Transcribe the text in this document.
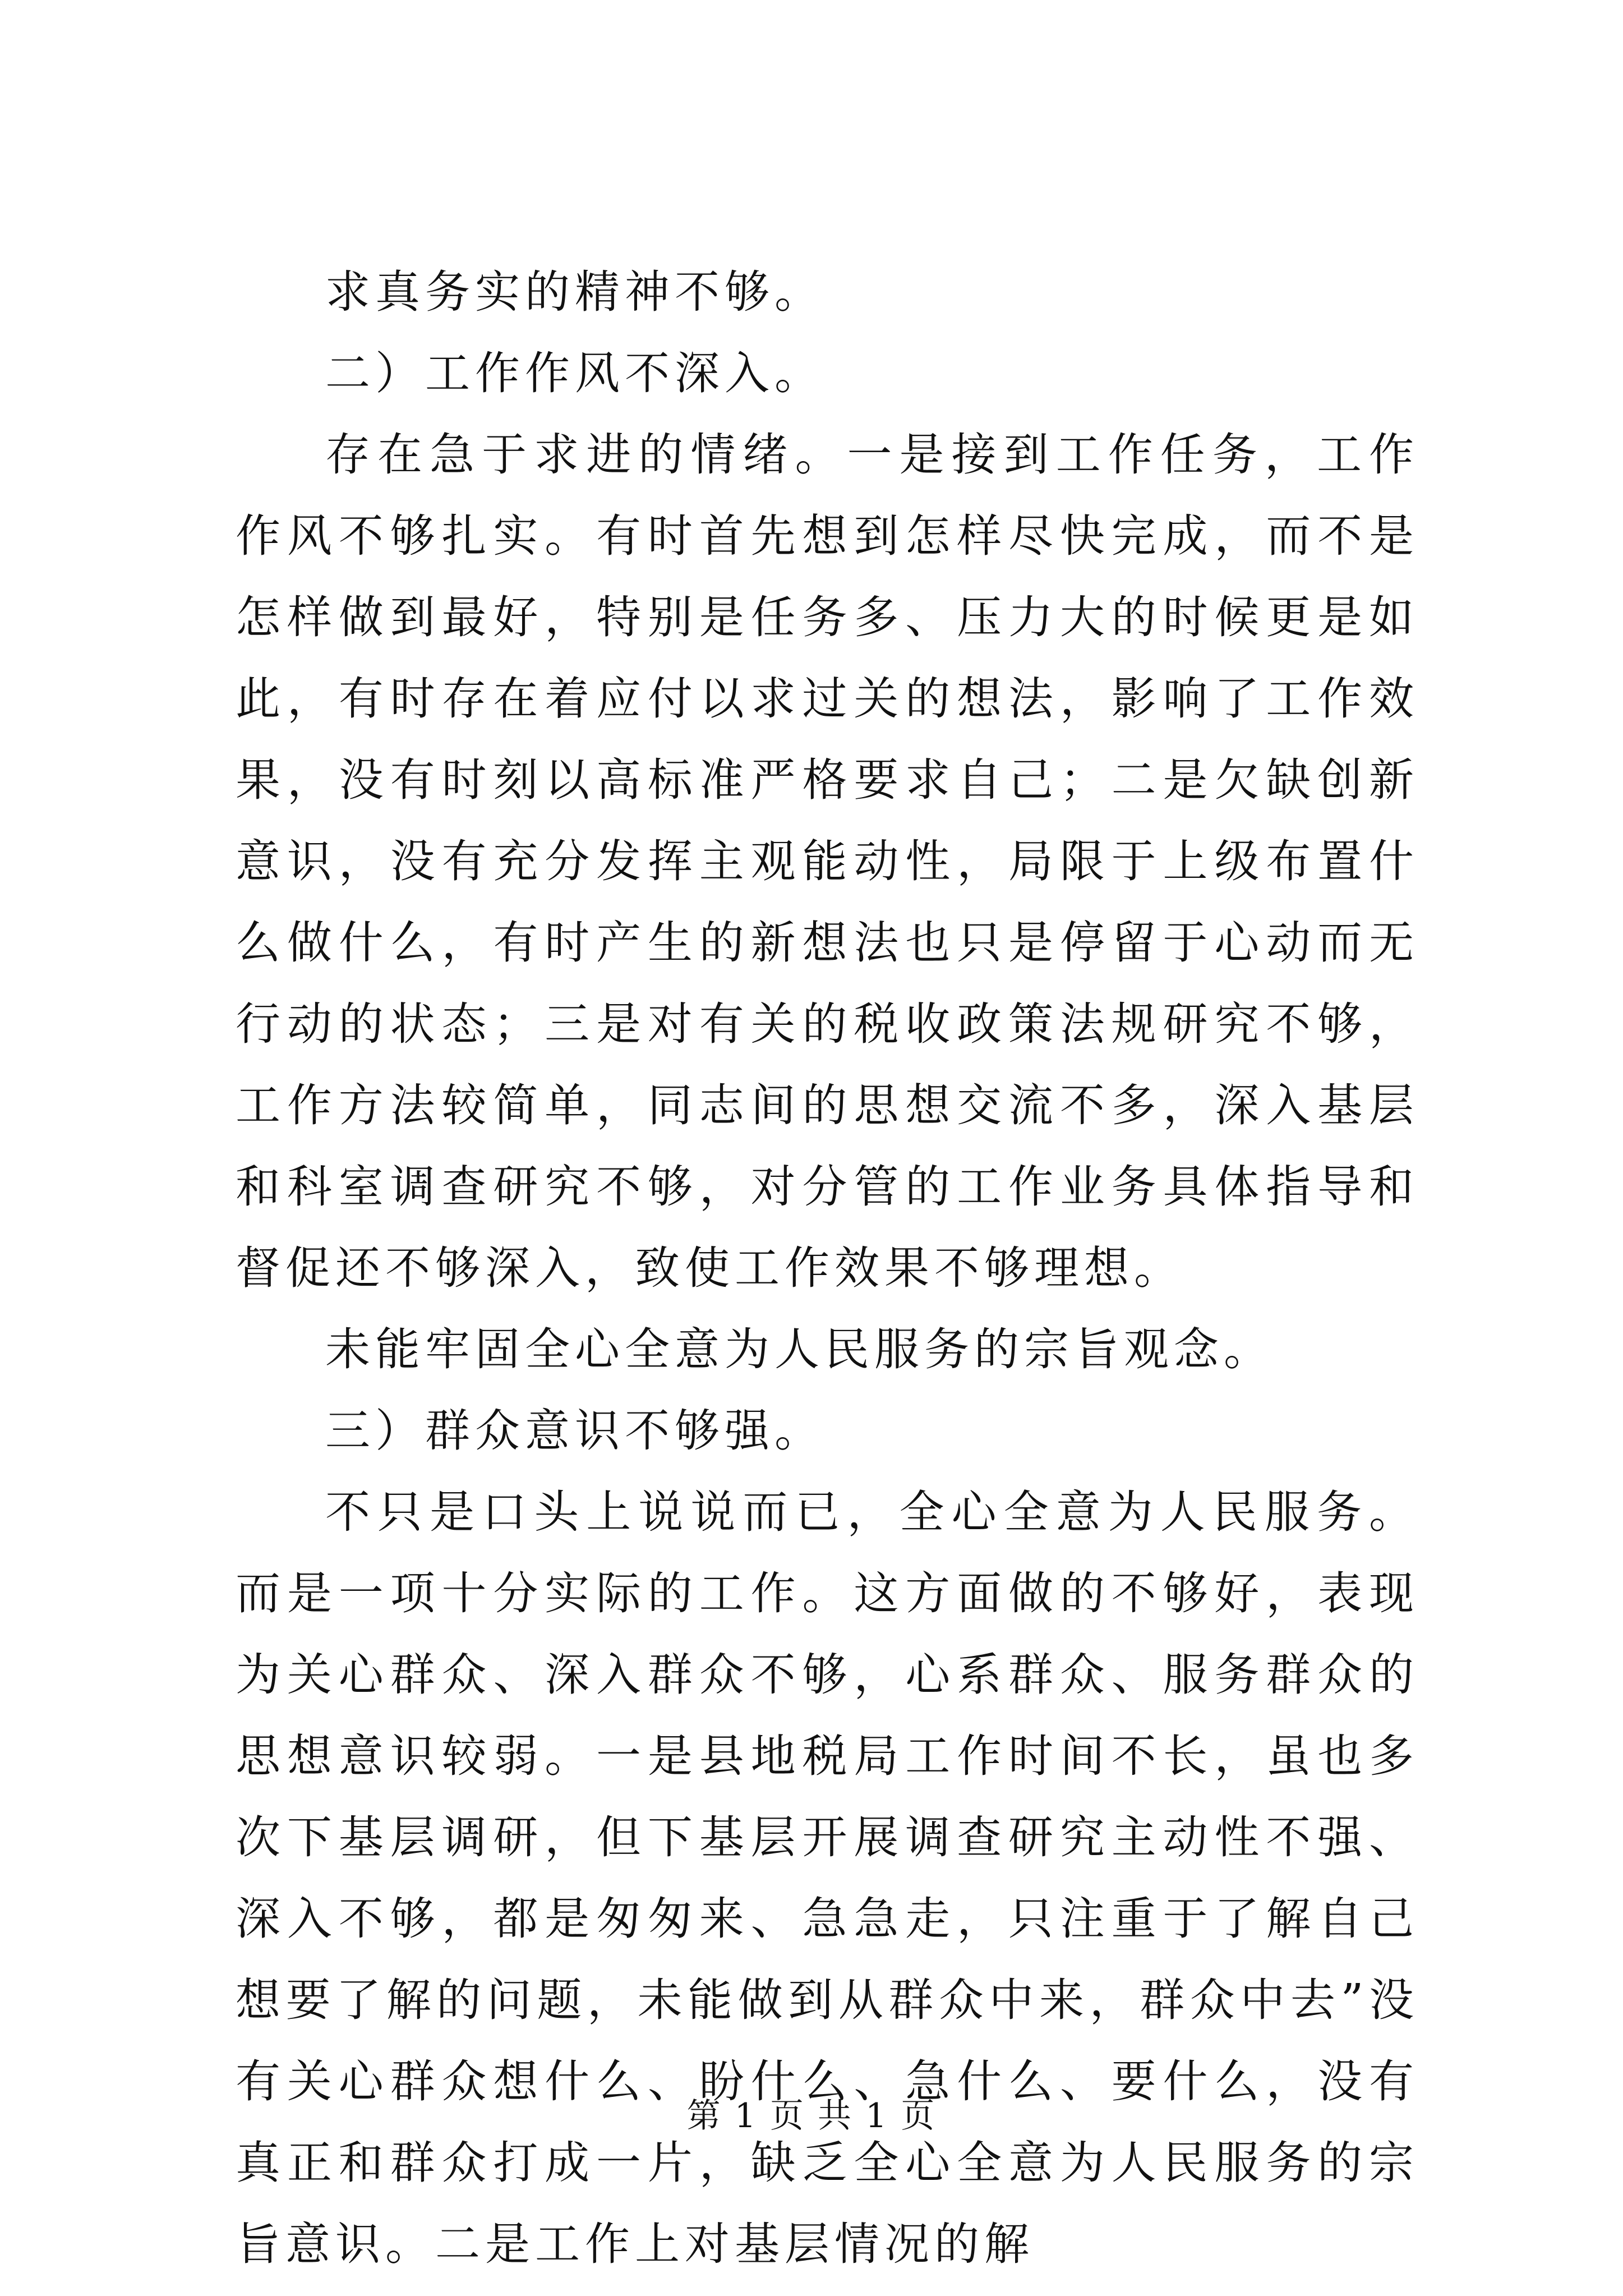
求真务实的精神不够。

二）工作作风不深入。

存在急于求进的情绪。一是接到工作任务，工作作风不够扎实。有时首先想到怎样尽快完成，而不是怎样做到最好，特别是任务多、压力大的时候更是如此，有时存在着应付以求过关的想法，影响了工作效果，没有时刻以高标准严格要求自己；二是欠缺创新意识，没有充分发挥主观能动性，局限于上级布置什么做什么，有时产生的新想法也只是停留于心动而无行动的状态；三是对有关的税收政策法规研究不够，工作方法较简单，同志间的思想交流不多，深入基层和科室调查研究不够，对分管的工作业务具体指导和督促还不够深入，致使工作效果不够理想。

未能牢固全心全意为人民服务的宗旨观念。

三）群众意识不够强。

不只是口头上说说而已，全心全意为人民服务。而是一项十分实际的工作。这方面做的不够好，表现为关心群众、深入群众不够，心系群众、服务群众的思想意识较弱。一是县地税局工作时间不长，虽也多次下基层调研，但下基层开展调查研究主动性不强、深入不够，都是匆匆来、急急走，只注重于了解自己想要了解的问题，未能做到从群众中来，群众中去”没有关心群众想什么、盼什么、急什么、要什么，没有真正和群众打成一片，缺乏全心全意为人民服务的宗旨意识。二是工作上对基层情况的解

第 1 页 共 1 页
